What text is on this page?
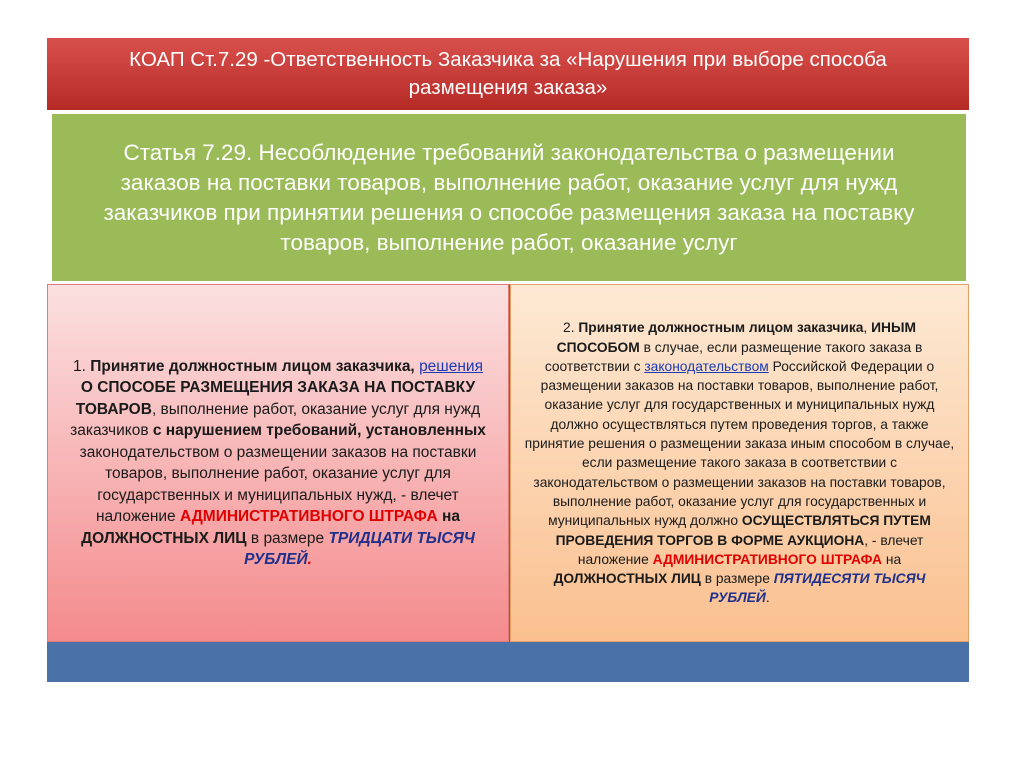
КОАП Ст.7.29 -Ответственность Заказчика за «Нарушения при выборе способа
размещения заказа»
Статья 7.29. Несоблюдение требований законодательства о размещении заказов на поставки товаров, выполнение работ, оказание услуг для нужд заказчиков при принятии решения о способе размещения заказа на поставку товаров, выполнение работ, оказание услуг
1. Принятие должностным лицом заказчика, решения О СПОСОБЕ РАЗМЕЩЕНИЯ ЗАКАЗА НА ПОСТАВКУ ТОВАРОВ, выполнение работ, оказание услуг для нужд заказчиков с нарушением требований, установленных законодательством о размещении заказов на поставки товаров, выполнение работ, оказание услуг для государственных и муниципальных нужд, - влечет наложение АДМИНИСТРАТИВНОГО ШТРАФА на ДОЛЖНОСТНЫХ ЛИЦ в размере ТРИДЦАТИ ТЫСЯЧ РУБЛЕЙ.
2. Принятие должностным лицом заказчика, ИНЫМ СПОСОБОМ в случае, если размещение такого заказа в соответствии с законодательством Российской Федерации о размещении заказов на поставки товаров, выполнение работ, оказание услуг для государственных и муниципальных нужд должно осуществляться путем проведения торгов, а также принятие решения о размещении заказа иным способом в случае, если размещение такого заказа в соответствии с законодательством о размещении заказов на поставки товаров, выполнение работ, оказание услуг для государственных и муниципальных нужд должно ОСУЩЕСТВЛЯТЬСЯ ПУТЕМ ПРОВЕДЕНИЯ ТОРГОВ В ФОРМЕ АУКЦИОНА, - влечет наложение АДМИНИСТРАТИВНОГО ШТРАФА на ДОЛЖНОСТНЫХ ЛИЦ в размере ПЯТИДЕСЯТИ ТЫСЯЧ РУБЛЕЙ.
